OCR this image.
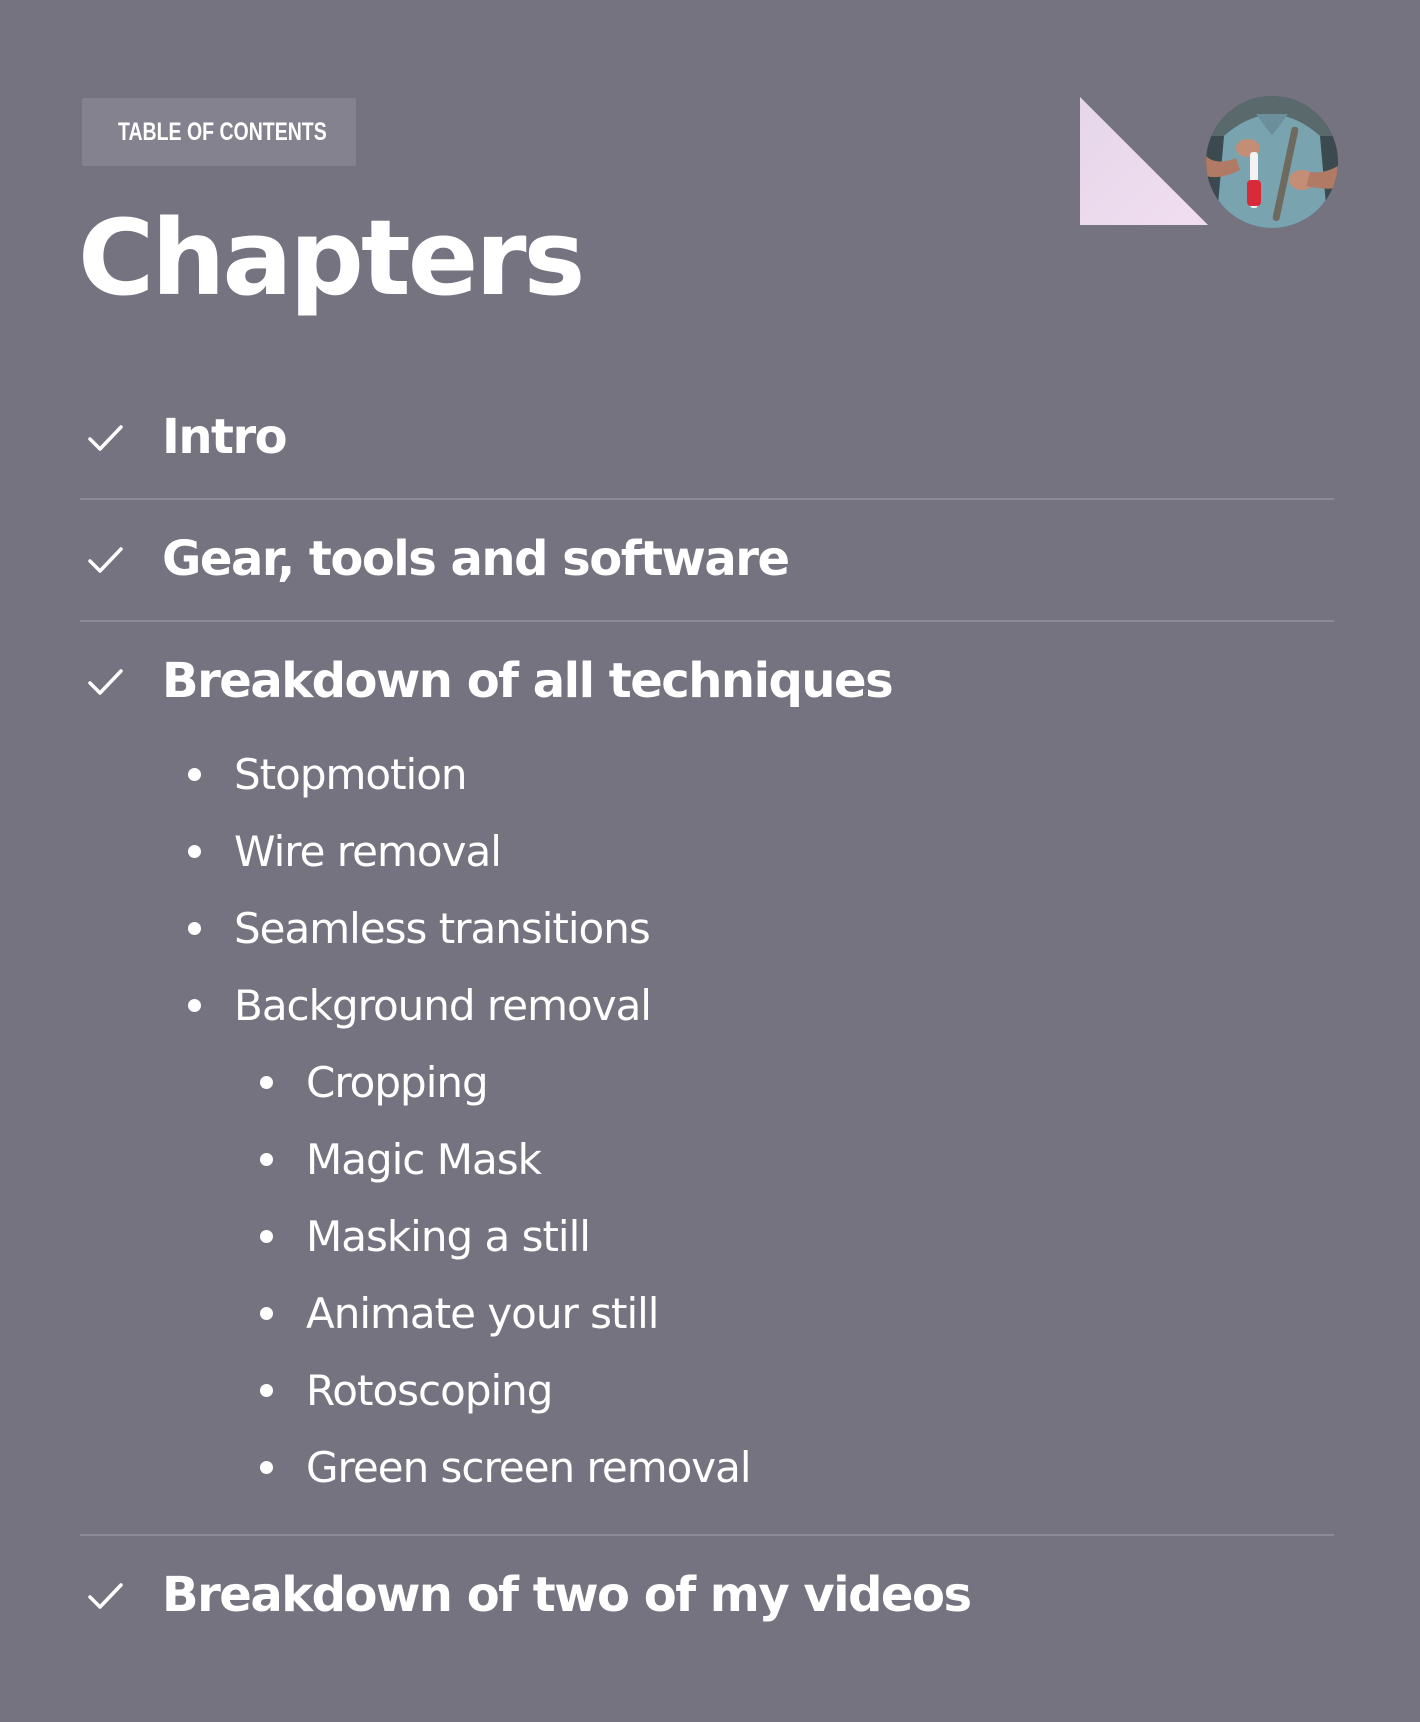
TABLE OF CONTENTS
Chapters
Intro
Gear, tools and software
Breakdown of all techniques
Stopmotion
Wire removal
Seamless transitions
Background removal
Cropping
Magic Mask
Masking a still
Animate your still
Rotoscoping
Green screen removal
Breakdown of two of my videos
